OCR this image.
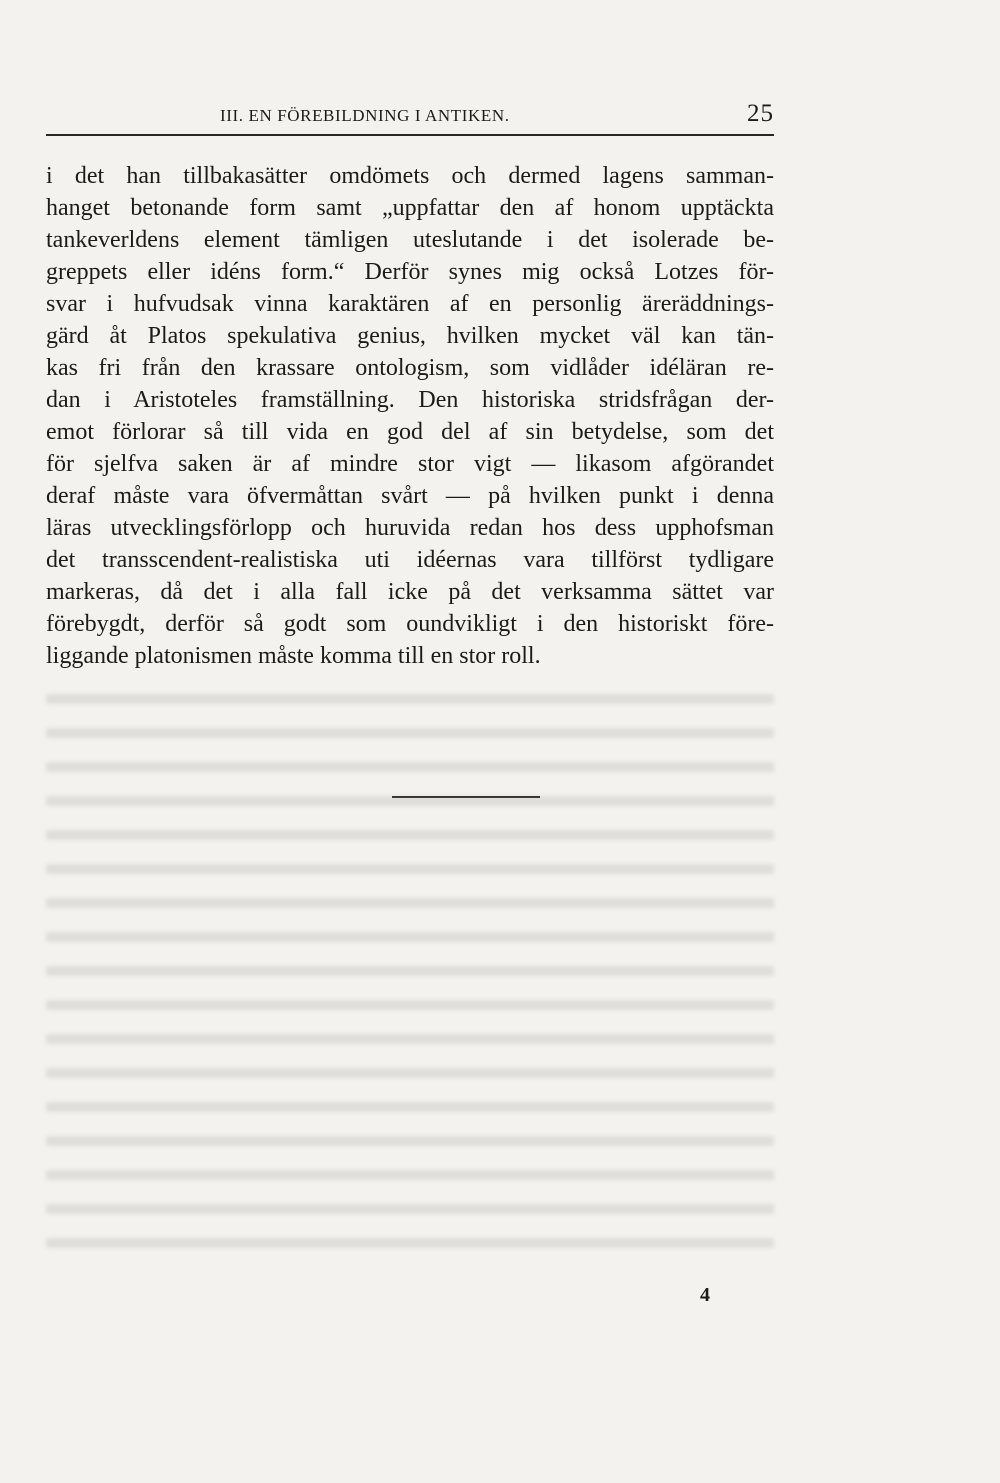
III. EN FÖREBILDNING I ANTIKEN.	25
i det han tillbakasätter omdömets och dermed lagens samman-
hanget betonande form samt „uppfattar den af honom upptäckta
tankeverldens element tämligen uteslutande i det isolerade be-
greppets eller idéns form.“ Derför synes mig också Lotzes för-
svar i hufvudsak vinna karaktären af en personlig äreräddnings-
gärd åt Platos spekulativa genius, hvilken mycket väl kan tän-
kas fri från den krassare ontologism, som vidlåder idéläran re-
dan i Aristoteles framställning. Den historiska stridsfrågan der-
emot förlorar så till vida en god del af sin betydelse, som det
för sjelfva saken är af mindre stor vigt — likasom afgörandet
deraf måste vara öfvermåttan svårt — på hvilken punkt i denna
läras utvecklingsförlopp och huruvida redan hos dess upphofsman
det transscendent-realistiska uti idéernas vara tillförst tydligare
markeras, då det i alla fall icke på det verksamma sättet var
förebygdt, derför så godt som oundvikligt i den historiskt före-
liggande platonismen måste komma till en stor roll.
4
